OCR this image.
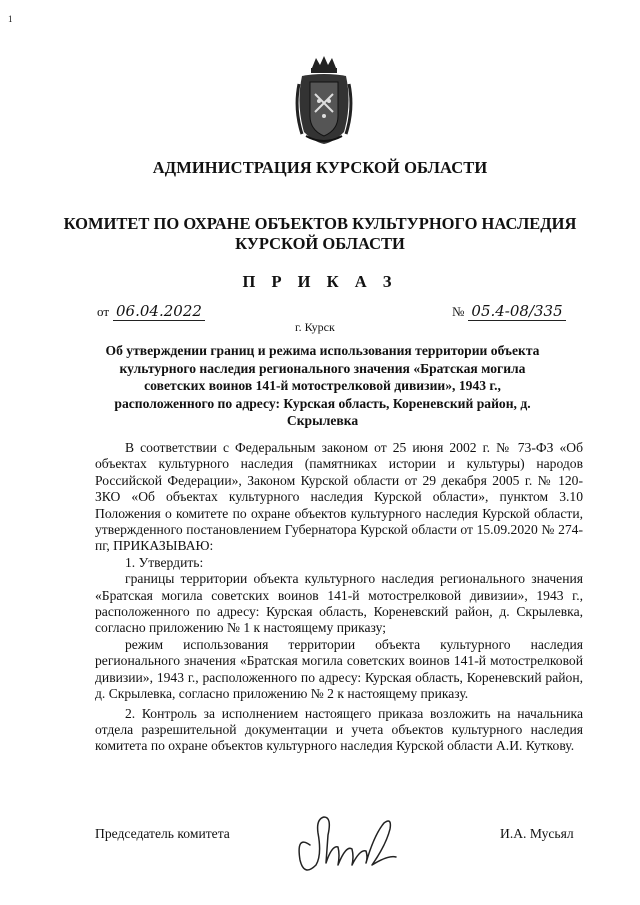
1
АДМИНИСТРАЦИЯ КУРСКОЙ ОБЛАСТИ
КОМИТЕТ ПО ОХРАНЕ ОБЪЕКТОВ КУЛЬТУРНОГО НАСЛЕДИЯ
КУРСКОЙ ОБЛАСТИ
П Р И К А З
от 06.04.2022	№ 05.4-08/335
г. Курск
Об утверждении границ и режима использования территории объекта культурного наследия регионального значения «Братская могила советских воинов 141-й мотострелковой дивизии», 1943 г., расположенного по адресу: Курская область, Кореневский район, д. Скрылевка

В соответствии с Федеральным законом от 25 июня 2002 г. № 73-ФЗ «Об объектах культурного наследия (памятниках истории и культуры) народов Российской Федерации», Законом Курской области от 29 декабря 2005 г. № 120-ЗКО «Об объектах культурного наследия Курской области», пунктом 3.10 Положения о комитете по охране объектов культурного наследия Курской области, утвержденного постановлением Губернатора Курской области от 15.09.2020 № 274-пг, ПРИКАЗЫВАЮ:

1. Утвердить:

границы территории объекта культурного наследия регионального значения «Братская могила советских воинов 141-й мотострелковой дивизии», 1943 г., расположенного по адресу: Курская область, Кореневский район, д. Скрылевка, согласно приложению № 1 к настоящему приказу;

режим использования территории объекта культурного наследия регионального значения «Братская могила советских воинов 141-й мотострелковой дивизии», 1943 г., расположенного по адресу: Курская область, Кореневский район, д. Скрылевка, согласно приложению № 2 к настоящему приказу.

2. Контроль за исполнением настоящего приказа возложить на начальника отдела разрешительной документации и учета объектов культурного наследия комитета по охране объектов культурного наследия Курской области А.И. Куткову.

Председатель комитета	И.А. Мусьял
